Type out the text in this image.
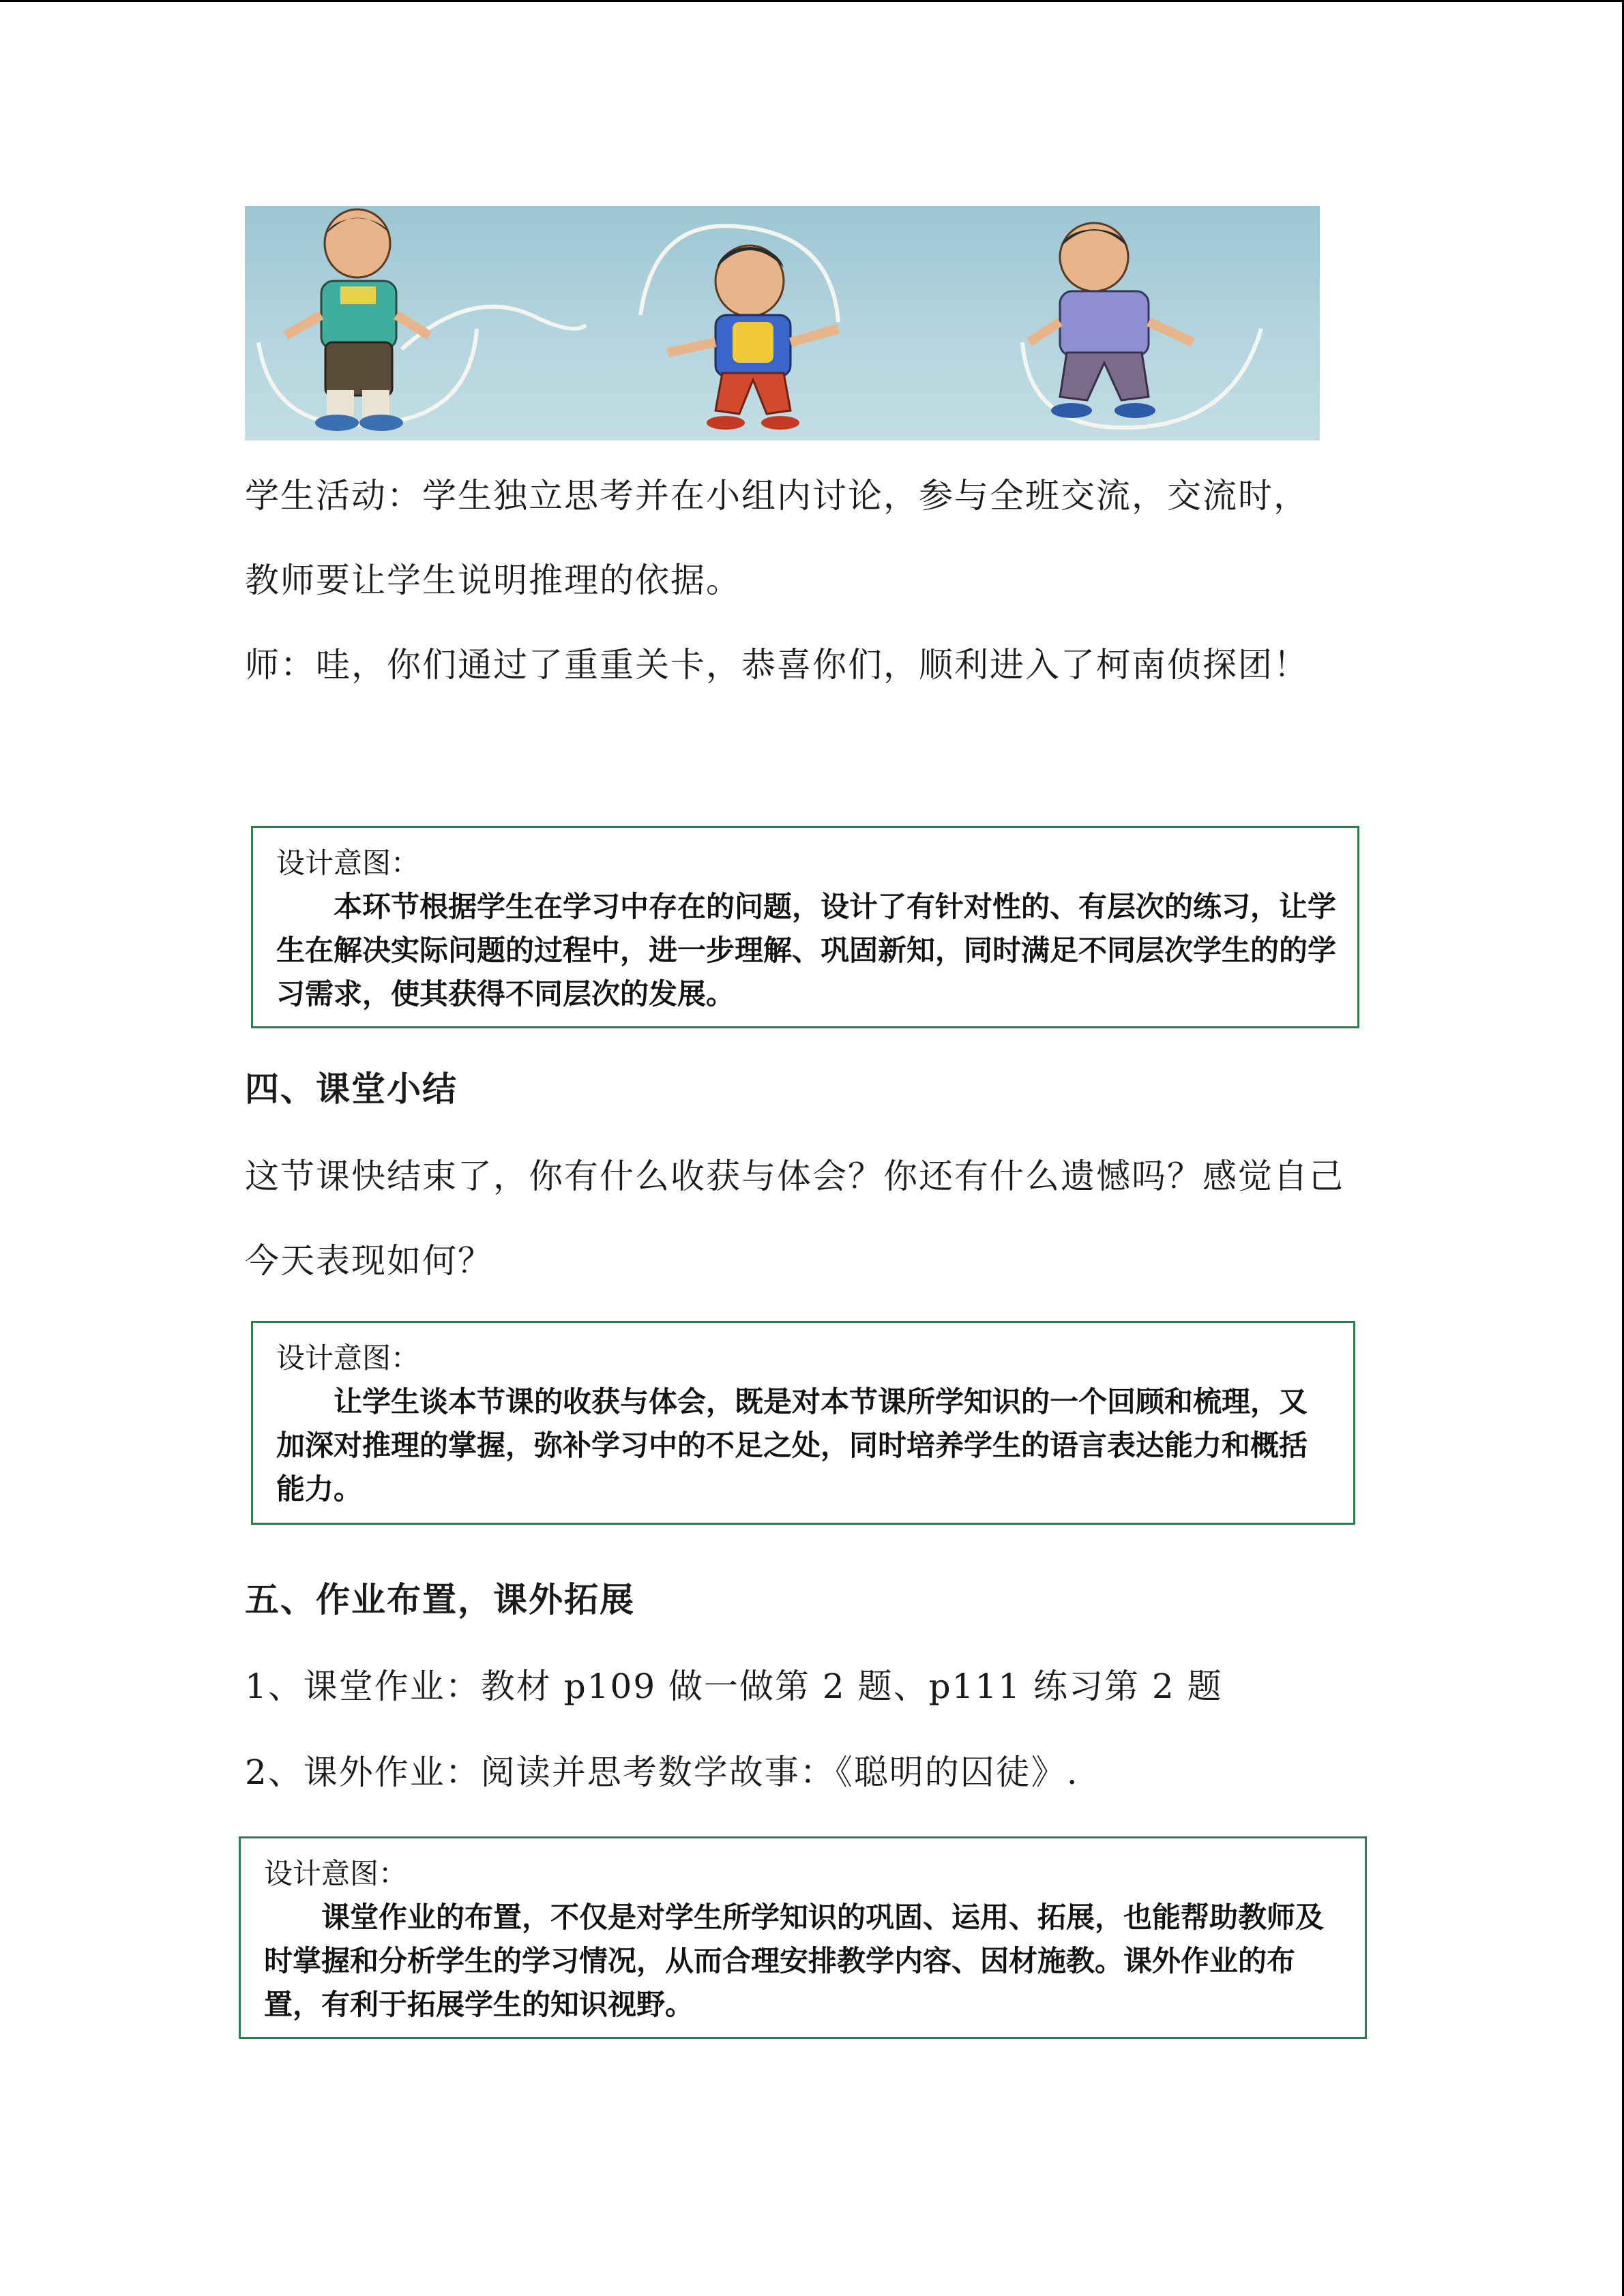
学生活动：学生独立思考并在小组内讨论，参与全班交流，交流时，教师要让学生说明推理的依据。

师：哇，你们通过了重重关卡，恭喜你们，顺利进入了柯南侦探团！

设计意图：

本环节根据学生在学习中存在的问题，设计了有针对性的、有层次的练习，让学生在解决实际问题的过程中，进一步理解、巩固新知，同时满足不同层次学生的的学习需求，使其获得不同层次的发展。

四、课堂小结

这节课快结束了，你有什么收获与体会？你还有什么遗憾吗？感觉自己今天表现如何？

设计意图：

让学生谈本节课的收获与体会，既是对本节课所学知识的一个回顾和梳理，又加深对推理的掌握，弥补学习中的不足之处，同时培养学生的语言表达能力和概括能力。

五、作业布置，课外拓展

1、课堂作业：教材 p109 做一做第 2 题、p111 练习第 2 题

2、课外作业：阅读并思考数学故事：《聪明的囚徒》.

设计意图：

课堂作业的布置，不仅是对学生所学知识的巩固、运用、拓展，也能帮助教师及时掌握和分析学生的学习情况，从而合理安排教学内容、因材施教。课外作业的布置，有利于拓展学生的知识视野。
